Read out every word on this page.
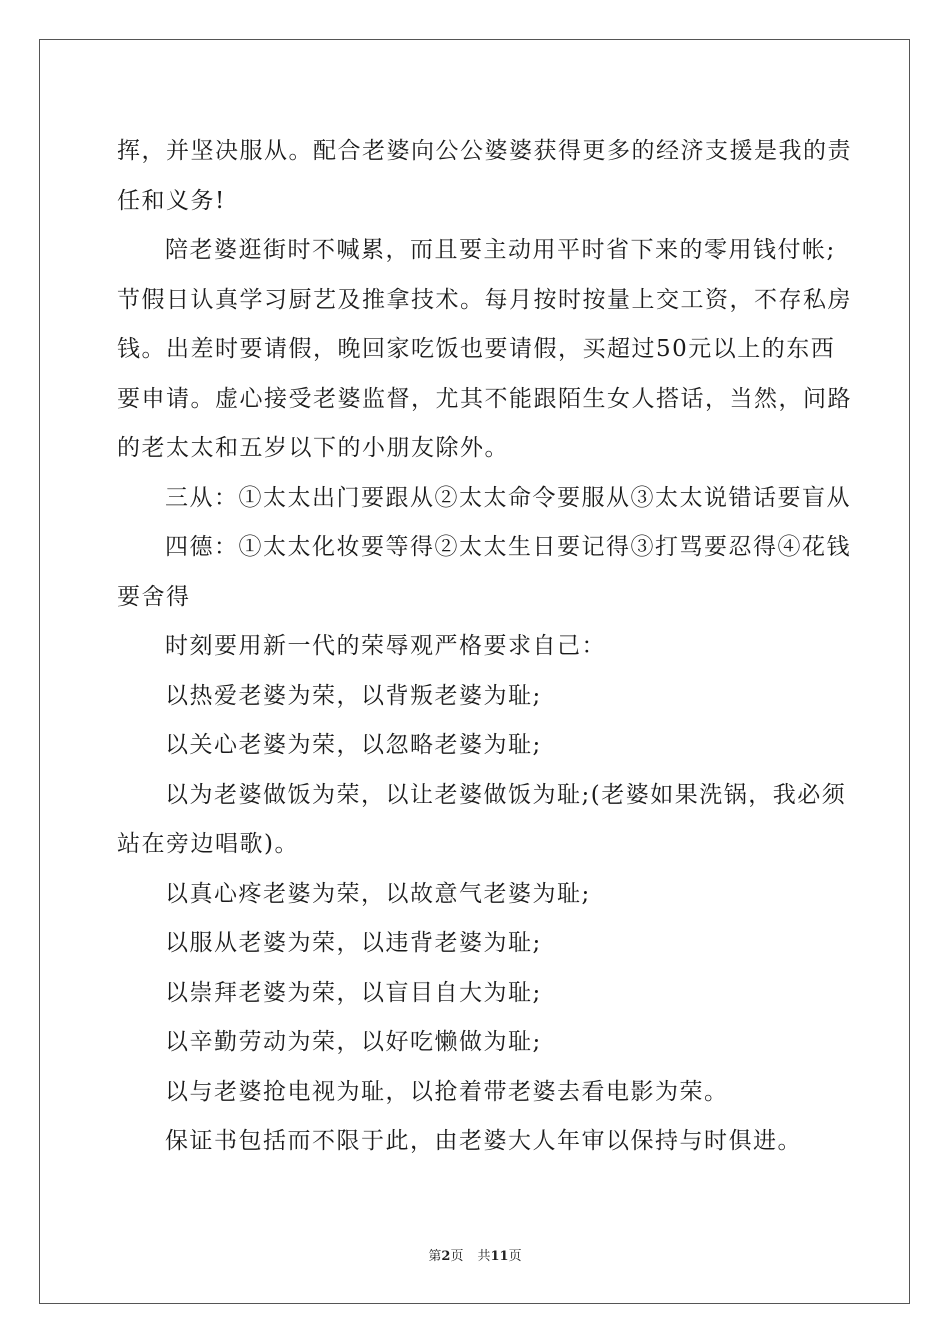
挥，并坚决服从。配合老婆向公公婆婆获得更多的经济支援是我的责

任和义务!

陪老婆逛街时不喊累，而且要主动用平时省下来的零用钱付帐;

节假日认真学习厨艺及推拿技术。每月按时按量上交工资，不存私房

钱。出差时要请假，晚回家吃饭也要请假，买超过50元以上的东西

要申请。虚心接受老婆监督，尤其不能跟陌生女人搭话，当然，问路

的老太太和五岁以下的小朋友除外。

三从：①太太出门要跟从②太太命令要服从③太太说错话要盲从

四德：①太太化妆要等得②太太生日要记得③打骂要忍得④花钱

要舍得

时刻要用新一代的荣辱观严格要求自己：

以热爱老婆为荣，以背叛老婆为耻;

以关心老婆为荣，以忽略老婆为耻;

以为老婆做饭为荣，以让老婆做饭为耻;(老婆如果洗锅，我必须

站在旁边唱歌)。

以真心疼老婆为荣，以故意气老婆为耻;

以服从老婆为荣，以违背老婆为耻;

以崇拜老婆为荣，以盲目自大为耻;

以辛勤劳动为荣，以好吃懒做为耻;

以与老婆抢电视为耻，以抢着带老婆去看电影为荣。

保证书包括而不限于此，由老婆大人年审以保持与时俱进。

第2页 共11页
